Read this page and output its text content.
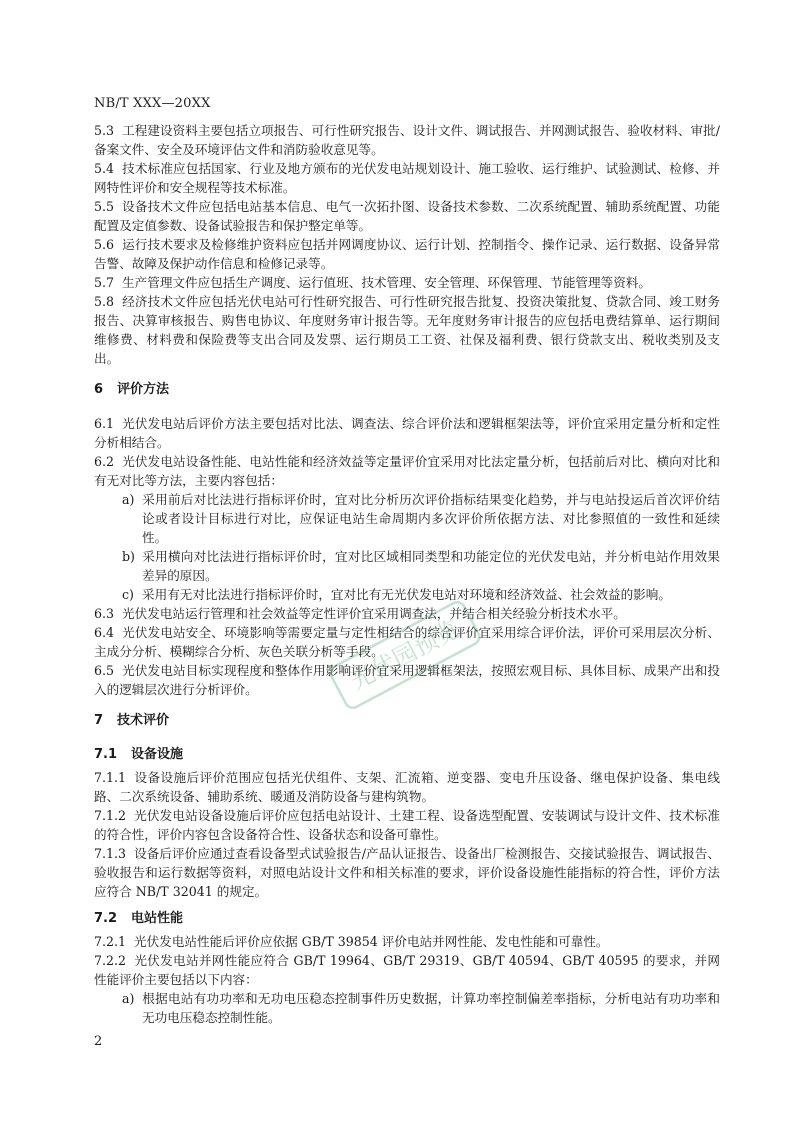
NB/T XXX—20XX

5.3 工程建设资料主要包括立项报告、可行性研究报告、设计文件、调试报告、并网测试报告、验收材料、审批/备案文件、安全及环境评估文件和消防验收意见等。

5.4 技术标准应包括国家、行业及地方颁布的光伏发电站规划设计、施工验收、运行维护、试验测试、检修、并网特性评价和安全规程等技术标准。

5.5 设备技术文件应包括电站基本信息、电气一次拓扑图、设备技术参数、二次系统配置、辅助系统配置、功能配置及定值参数、设备试验报告和保护整定单等。

5.6 运行技术要求及检修维护资料应包括并网调度协议、运行计划、控制指令、操作记录、运行数据、设备异常告警、故障及保护动作信息和检修记录等。

5.7 生产管理文件应包括生产调度、运行值班、技术管理、安全管理、环保管理、节能管理等资料。

5.8 经济技术文件应包括光伏电站可行性研究报告、可行性研究报告批复、投资决策批复、贷款合同、竣工财务报告、决算审核报告、购售电协议、年度财务审计报告等。无年度财务审计报告的应包括电费结算单、运行期间维修费、材料费和保险费等支出合同及发票、运行期员工工资、社保及福利费、银行贷款支出、税收类别及支出。

6 评价方法

6.1 光伏发电站后评价方法主要包括对比法、调查法、综合评价法和逻辑框架法等，评价宜采用定量分析和定性分析相结合。

6.2 光伏发电站设备性能、电站性能和经济效益等定量评价宜采用对比法定量分析，包括前后对比、横向对比和有无对比等方法，主要内容包括：

a) 采用前后对比法进行指标评价时，宜对比分析历次评价指标结果变化趋势，并与电站投运后首次评价结论或者设计目标进行对比，应保证电站生命周期内多次评价所依据方法、对比参照值的一致性和延续性。

b) 采用横向对比法进行指标评价时，宜对比区域相同类型和功能定位的光伏发电站，并分析电站作用效果差异的原因。

c) 采用有无对比法进行指标评价时，宜对比有无光伏发电站对环境和经济效益、社会效益的影响。

6.3 光伏发电站运行管理和社会效益等定性评价宜采用调查法，并结合相关经验分析技术水平。

6.4 光伏发电站安全、环境影响等需要定量与定性相结合的综合评价宜采用综合评价法，评价可采用层次分析、主成分分析、模糊综合分析、灰色关联分析等手段。

6.5 光伏发电站目标实现程度和整体作用影响评价宜采用逻辑框架法，按照宏观目标、具体目标、成果产出和投入的逻辑层次进行分析评价。

7 技术评价
7.1 设备设施

7.1.1 设备设施后评价范围应包括光伏组件、支架、汇流箱、逆变器、变电升压设备、继电保护设备、集电线路、二次系统设备、辅助系统、暖通及消防设备与建构筑物。

7.1.2 光伏发电站设备设施后评价应包括电站设计、土建工程、设备选型配置、安装调试与设计文件、技术标准的符合性，评价内容包含设备符合性、设备状态和设备可靠性。

7.1.3 设备后评价应通过查看设备型式试验报告/产品认证报告、设备出厂检测报告、交接试验报告、调试报告、验收报告和运行数据等资料，对照电站设计文件和相关标准的要求，评价设备设施性能指标的符合性，评价方法应符合 NB/T 32041 的规定。

7.2 电站性能

7.2.1 光伏发电站性能后评价应依据 GB/T 39854 评价电站并网性能、发电性能和可靠性。

7.2.2 光伏发电站并网性能应符合 GB/T 19964、GB/T 29319、GB/T 40594、GB/T 40595 的要求，并网性能评价主要包括以下内容：

a) 根据电站有功功率和无功电压稳态控制事件历史数据，计算功率控制偏差率指标，分析电站有功功率和无功电压稳态控制性能。

光伏园预览
2
